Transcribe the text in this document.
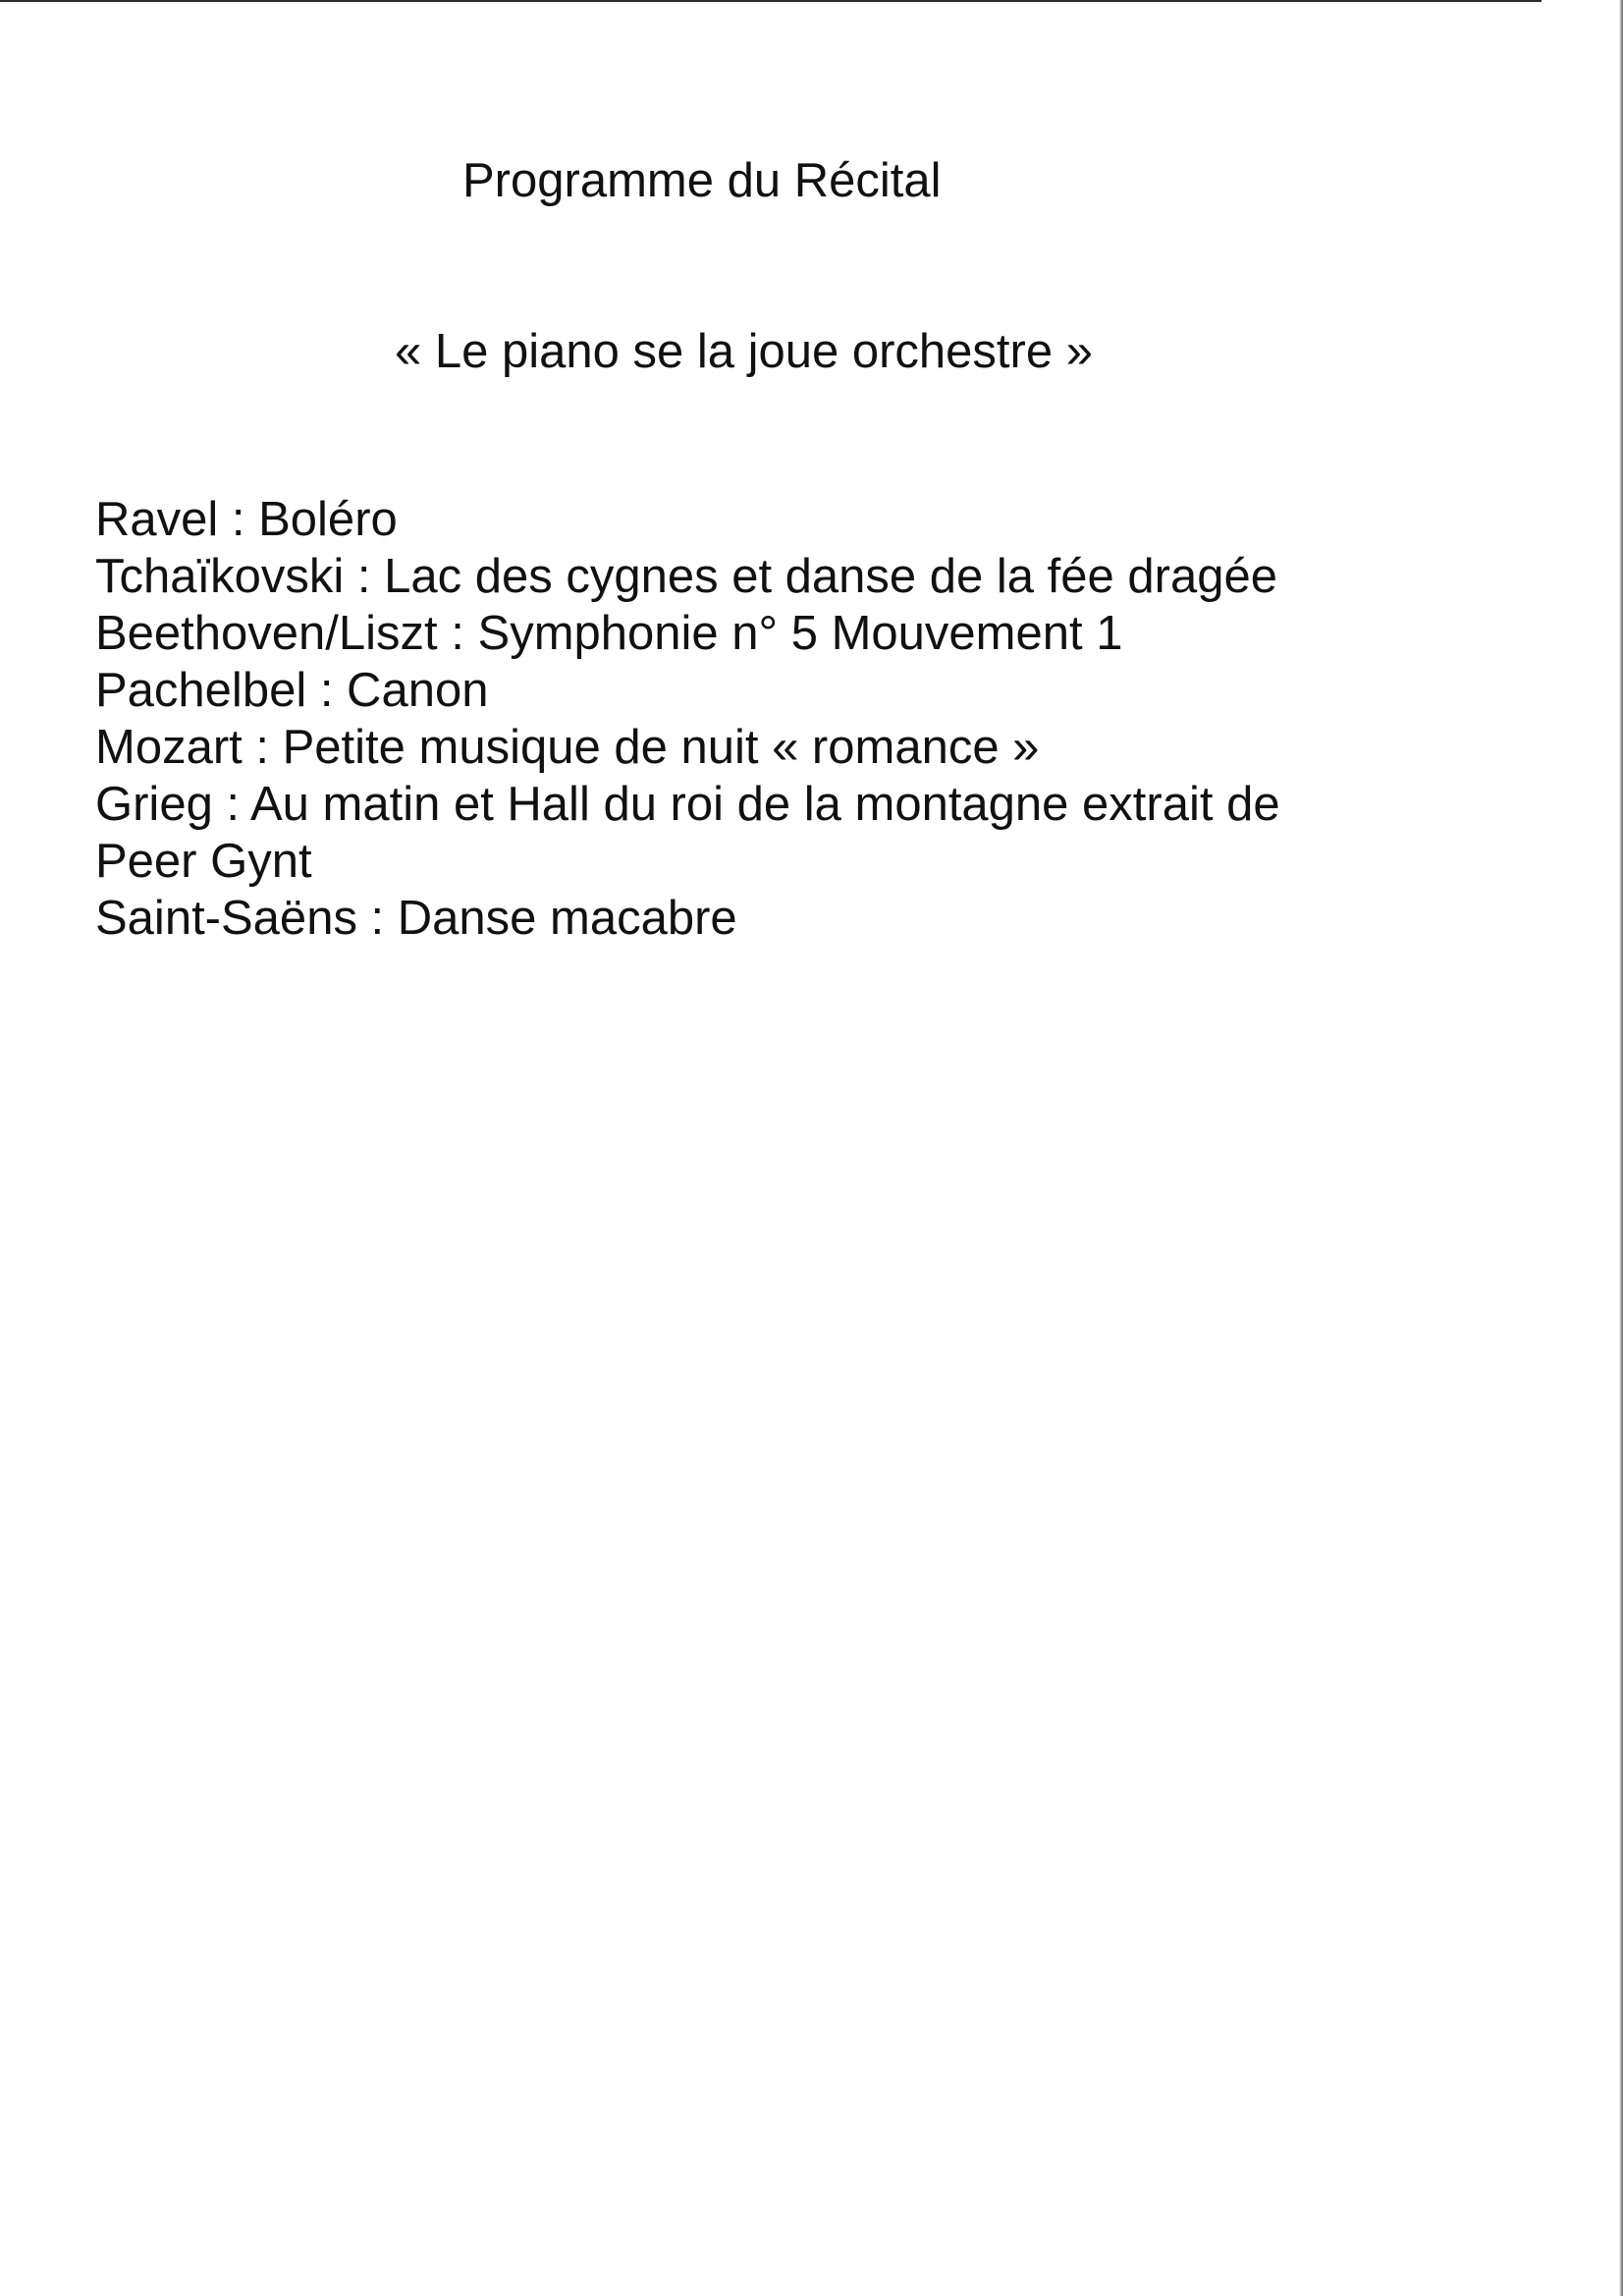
Programme du Récital
« Le piano se la joue orchestre »
Ravel : Boléro
Tchaïkovski : Lac des cygnes et danse de la fée dragée
Beethoven/Liszt : Symphonie n° 5 Mouvement 1
Pachelbel : Canon
Mozart : Petite musique de nuit « romance »
Grieg : Au matin et Hall du roi de la montagne extrait de
Peer Gynt
Saint-Saëns : Danse macabre
